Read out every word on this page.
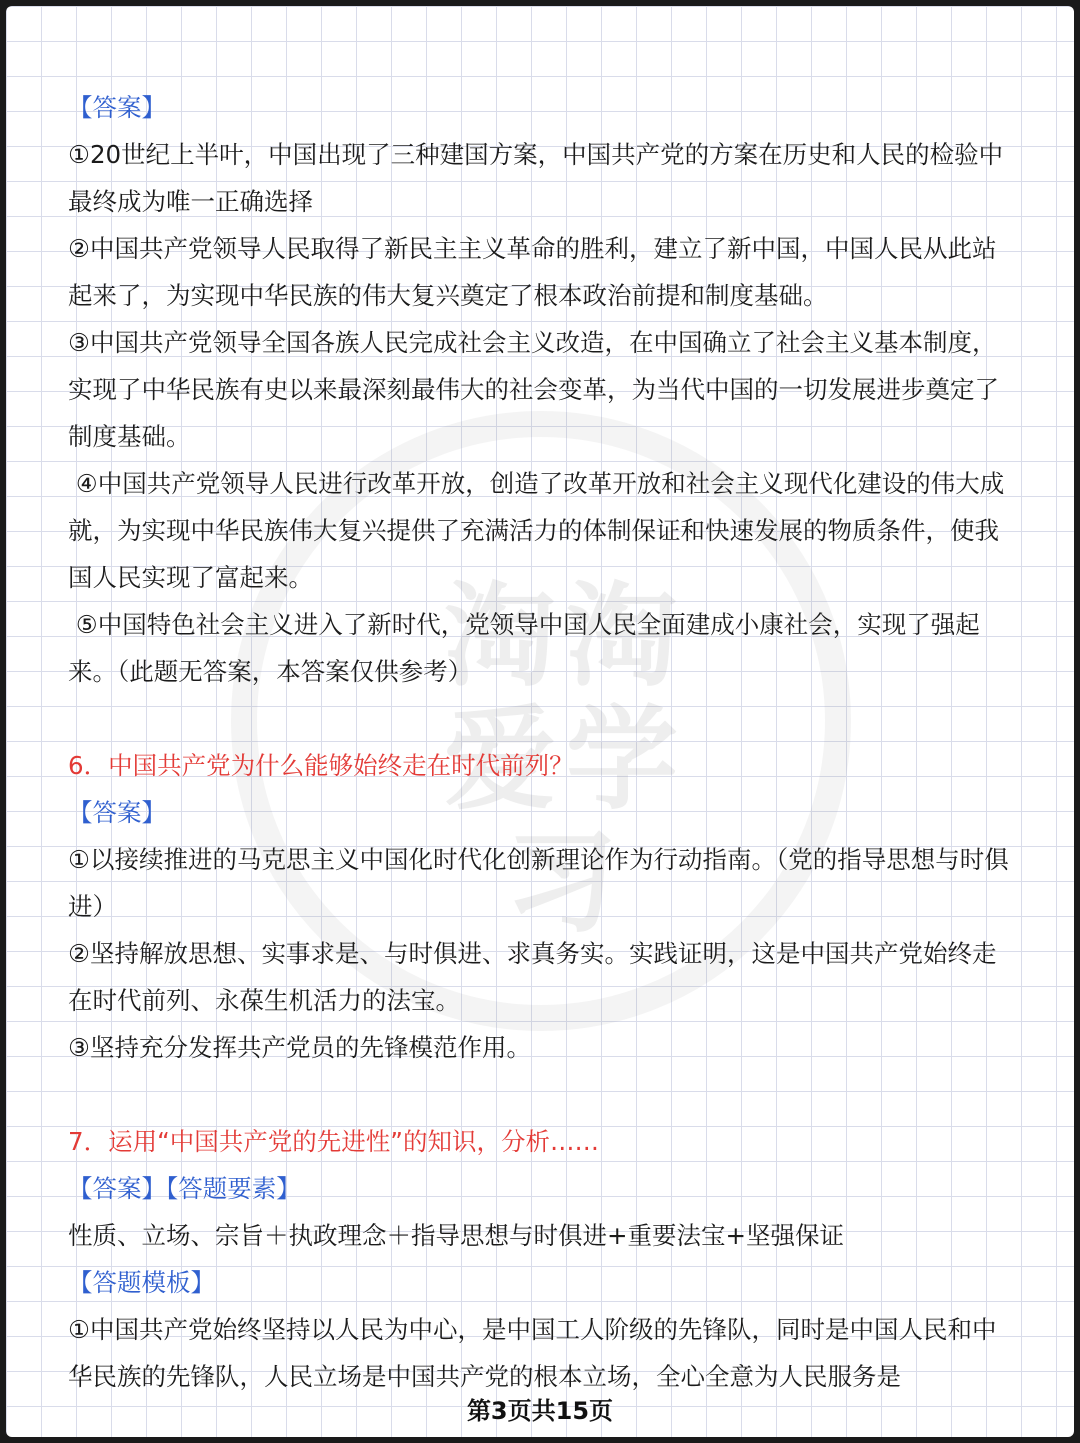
淘淘爱学习

【答案】

①20世纪上半叶，中国出现了三种建国方案，中国共产党的方案在历史和人民的检验中最终成为唯一正确选择

②中国共产党领导人民取得了新民主主义革命的胜利，建立了新中国，中国人民从此站起来了，为实现中华民族的伟大复兴奠定了根本政治前提和制度基础。

③中国共产党领导全国各族人民完成社会主义改造，在中国确立了社会主义基本制度，实现了中华民族有史以来最深刻最伟大的社会变革，为当代中国的一切发展进步奠定了制度基础。

④中国共产党领导人民进行改革开放，创造了改革开放和社会主义现代化建设的伟大成就，为实现中华民族伟大复兴提供了充满活力的体制保证和快速发展的物质条件，使我国人民实现了富起来。

⑤中国特色社会主义进入了新时代，党领导中国人民全面建成小康社会，实现了强起来。（此题无答案，本答案仅供参考）

6．中国共产党为什么能够始终走在时代前列？

【答案】

①以接续推进的马克思主义中国化时代化创新理论作为行动指南。（党的指导思想与时俱进）

②坚持解放思想、实事求是、与时俱进、求真务实。实践证明，这是中国共产党始终走在时代前列、永葆生机活力的法宝。

③坚持充分发挥共产党员的先锋模范作用。

7．运用“中国共产党的先进性”的知识，分析……

【答案】【答题要素】

性质、立场、宗旨＋执政理念＋指导思想与时俱进+重要法宝+坚强保证

【答题模板】

①中国共产党始终坚持以人民为中心，是中国工人阶级的先锋队，同时是中国人民和中华民族的先锋队，人民立场是中国共产党的根本立场，全心全意为人民服务是

第3页共15页
